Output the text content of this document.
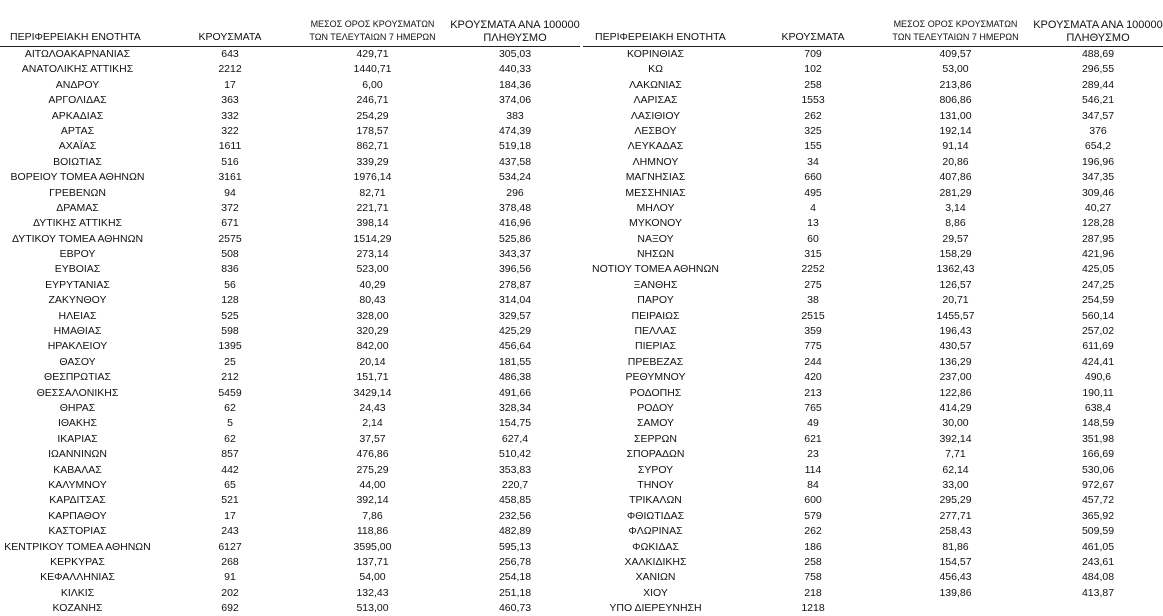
ΠΕΡΙΦΕΡΕΙΑΚΗ ΕΝΟΤΗΤΑ	ΚΡΟΥΣΜΑΤΑ
ΜΕΣΟΣ ΟΡΟΣ ΚΡΟΥΣΜΑΤΩΝ
ΤΩΝ ΤΕΛΕΥΤΑΙΩΝ 7 ΗΜΕΡΩΝ
ΚΡΟΥΣΜΑΤΑ ΑΝΑ 100000
ΠΛΗΘΥΣΜΟ
ΑΙΤΩΛΟΑΚΑΡΝΑΝΙΑΣ	643	429,71	305,03
ΑΝΑΤΟΛΙΚΗΣ ΑΤΤΙΚΗΣ	2212	1440,71	440,33
ΑΝΔΡΟΥ	17	6,00	184,36
ΑΡΓΟΛΙΔΑΣ	363	246,71	374,06
ΑΡΚΑΔΙΑΣ	332	254,29	383
ΑΡΤΑΣ	322	178,57	474,39
ΑΧΑΪΑΣ	1611	862,71	519,18
ΒΟΙΩΤΙΑΣ	516	339,29	437,58
ΒΟΡΕΙΟΥ ΤΟΜΕΑ ΑΘΗΝΩΝ	3161	1976,14	534,24
ΓΡΕΒΕΝΩΝ	94	82,71	296
ΔΡΑΜΑΣ	372	221,71	378,48
ΔΥΤΙΚΗΣ ΑΤΤΙΚΗΣ	671	398,14	416,96
ΔΥΤΙΚΟΥ ΤΟΜΕΑ ΑΘΗΝΩΝ	2575	1514,29	525,86
ΕΒΡΟΥ	508	273,14	343,37
ΕΥΒΟΙΑΣ	836	523,00	396,56
ΕΥΡΥΤΑΝΙΑΣ	56	40,29	278,87
ΖΑΚΥΝΘΟΥ	128	80,43	314,04
ΗΛΕΙΑΣ	525	328,00	329,57
ΗΜΑΘΙΑΣ	598	320,29	425,29
ΗΡΑΚΛΕΙΟΥ	1395	842,00	456,64
ΘΑΣΟΥ	25	20,14	181,55
ΘΕΣΠΡΩΤΙΑΣ	212	151,71	486,38
ΘΕΣΣΑΛΟΝΙΚΗΣ	5459	3429,14	491,66
ΘΗΡΑΣ	62	24,43	328,34
ΙΘΑΚΗΣ	5	2,14	154,75
ΙΚΑΡΙΑΣ	62	37,57	627,4
ΙΩΑΝΝΙΝΩΝ	857	476,86	510,42
ΚΑΒΑΛΑΣ	442	275,29	353,83
ΚΑΛΥΜΝΟΥ	65	44,00	220,7
ΚΑΡΔΙΤΣΑΣ	521	392,14	458,85
ΚΑΡΠΑΘΟΥ	17	7,86	232,56
ΚΑΣΤΟΡΙΑΣ	243	118,86	482,89
ΚΕΝΤΡΙΚΟΥ ΤΟΜΕΑ ΑΘΗΝΩΝ	6127	3595,00	595,13
ΚΕΡΚΥΡΑΣ	268	137,71	256,78
ΚΕΦΑΛΛΗΝΙΑΣ	91	54,00	254,18
ΚΙΛΚΙΣ	202	132,43	251,18
ΚΟΖΑΝΗΣ	692	513,00	460,73
ΠΕΡΙΦΕΡΕΙΑΚΗ ΕΝΟΤΗΤΑ	ΚΡΟΥΣΜΑΤΑ
ΜΕΣΟΣ ΟΡΟΣ ΚΡΟΥΣΜΑΤΩΝ
ΤΩΝ ΤΕΛΕΥΤΑΙΩΝ 7 ΗΜΕΡΩΝ
ΚΡΟΥΣΜΑΤΑ ΑΝΑ 100000
ΠΛΗΘΥΣΜΟ
ΚΟΡΙΝΘΙΑΣ	709	409,57	488,69
ΚΩ	102	53,00	296,55
ΛΑΚΩΝΙΑΣ	258	213,86	289,44
ΛΑΡΙΣΑΣ	1553	806,86	546,21
ΛΑΣΙΘΙΟΥ	262	131,00	347,57
ΛΕΣΒΟΥ	325	192,14	376
ΛΕΥΚΑΔΑΣ	155	91,14	654,2
ΛΗΜΝΟΥ	34	20,86	196,96
ΜΑΓΝΗΣΙΑΣ	660	407,86	347,35
ΜΕΣΣΗΝΙΑΣ	495	281,29	309,46
ΜΗΛΟΥ	4	3,14	40,27
ΜΥΚΟΝΟΥ	13	8,86	128,28
ΝΑΞΟΥ	60	29,57	287,95
ΝΗΣΩΝ	315	158,29	421,96
ΝΟΤΙΟΥ ΤΟΜΕΑ ΑΘΗΝΩΝ	2252	1362,43	425,05
ΞΑΝΘΗΣ	275	126,57	247,25
ΠΑΡΟΥ	38	20,71	254,59
ΠΕΙΡΑΙΩΣ	2515	1455,57	560,14
ΠΕΛΛΑΣ	359	196,43	257,02
ΠΙΕΡΙΑΣ	775	430,57	611,69
ΠΡΕΒΕΖΑΣ	244	136,29	424,41
ΡΕΘΥΜΝΟΥ	420	237,00	490,6
ΡΟΔΟΠΗΣ	213	122,86	190,11
ΡΟΔΟΥ	765	414,29	638,4
ΣΑΜΟΥ	49	30,00	148,59
ΣΕΡΡΩΝ	621	392,14	351,98
ΣΠΟΡΑΔΩΝ	23	7,71	166,69
ΣΥΡΟΥ	114	62,14	530,06
ΤΗΝΟΥ	84	33,00	972,67
ΤΡΙΚΑΛΩΝ	600	295,29	457,72
ΦΘΙΩΤΙΔΑΣ	579	277,71	365,92
ΦΛΩΡΙΝΑΣ	262	258,43	509,59
ΦΩΚΙΔΑΣ	186	81,86	461,05
ΧΑΛΚΙΔΙΚΗΣ	258	154,57	243,61
ΧΑΝΙΩΝ	758	456,43	484,08
ΧΙΟΥ	218	139,86	413,87
ΥΠΟ ΔΙΕΡΕΥΝΗΣΗ	1218
